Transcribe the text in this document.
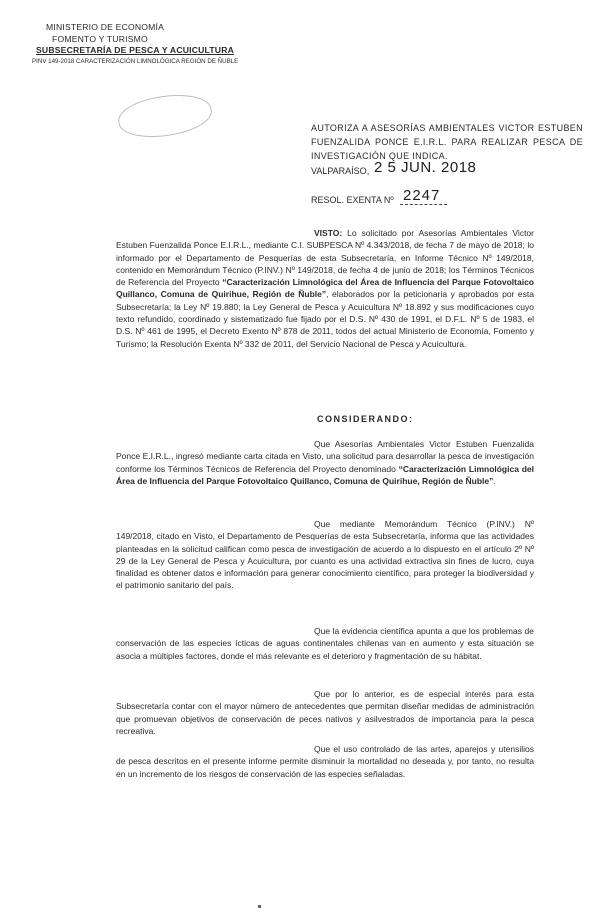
MINISTERIO DE ECONOMÍA
FOMENTO Y TURISMO
SUBSECRETARÍA DE PESCA Y ACUICULTURA
PINV 149-2018 CARACTERIZACIÓN LIMNOLÓGICA REGIÓN DE ÑUBLE
AUTORIZA A ASESORÍAS AMBIENTALES VICTOR ESTUBEN FUENZALIDA PONCE E.I.R.L. PARA REALIZAR PESCA DE INVESTIGACIÓN QUE INDICA.
VALPARAÍSO, 2 5 JUN. 2018
RESOL. EXENTA Nº 2247
VISTO: Lo solicitado por Asesorías Ambientales Victor Estuben Fuenzalida Ponce E.I.R.L., mediante C.I. SUBPESCA Nº 4.343/2018, de fecha 7 de mayo de 2018; lo informado por el Departamento de Pesquerías de esta Subsecretaría, en Informe Técnico Nº 149/2018, contenido en Memorándum Técnico (P.INV.) Nº 149/2018, de fecha 4 de junio de 2018; los Términos Técnicos de Referencia del Proyecto “Caracterización Limnológica del Área de Influencia del Parque Fotovoltaico Quillanco, Comuna de Quirihue, Región de Ñuble”, elaborados por la peticionaria y aprobados por esta Subsecretaría; la Ley Nº 19.880; la Ley General de Pesca y Acuicultura Nº 18.892 y sus modificaciones cuyo texto refundido, coordinado y sistematizado fue fijado por el D.S. Nº 430 de 1991, el D.F.L. Nº 5 de 1983, el D.S. Nº 461 de 1995, el Decreto Exento Nº 878 de 2011, todos del actual Ministerio de Economía, Fomento y Turismo; la Resolución Exenta Nº 332 de 2011, del Servicio Nacional de Pesca y Acuicultura.
CONSIDERANDO:
Que Asesorías Ambientales Victor Estuben Fuenzalida Ponce E.I.R.L., ingresó mediante carta citada en Visto, una solicitud para desarrollar la pesca de investigación conforme los Términos Técnicos de Referencia del Proyecto denominado “Caracterización Limnológica del Área de Influencia del Parque Fotovoltaico Quillanco, Comuna de Quirihue, Región de Ñuble”.
Que mediante Memorándum Técnico (P.INV.) Nº 149/2018, citado en Visto, el Departamento de Pesquerías de esta Subsecretaría, informa que las actividades planteadas en la solicitud califican como pesca de investigación de acuerdo a lo dispuesto en el artículo 2º Nº 29 de la Ley General de Pesca y Acuicultura, por cuanto es una actividad extractiva sin fines de lucro, cuya finalidad es obtener datos e información para generar conocimiento científico, para proteger la biodiversidad y el patrimonio sanitario del país.
Que la evidencia científica apunta a que los problemas de conservación de las especies ícticas de aguas continentales chilenas van en aumento y esta situación se asocia a múltiples factores, donde el más relevante es el deterioro y fragmentación de su hábitat.
Que por lo anterior, es de especial interés para esta Subsecretaría contar con el mayor número de antecedentes que permitan diseñar medidas de administración que promuevan objetivos de conservación de peces nativos y asilvestrados de importancia para la pesca recreativa.
Que el uso controlado de las artes, aparejos y utensilios de pesca descritos en el presente informe permite disminuir la mortalidad no deseada y, por tanto, no resulta en un incremento de los riesgos de conservación de las especies señaladas.
